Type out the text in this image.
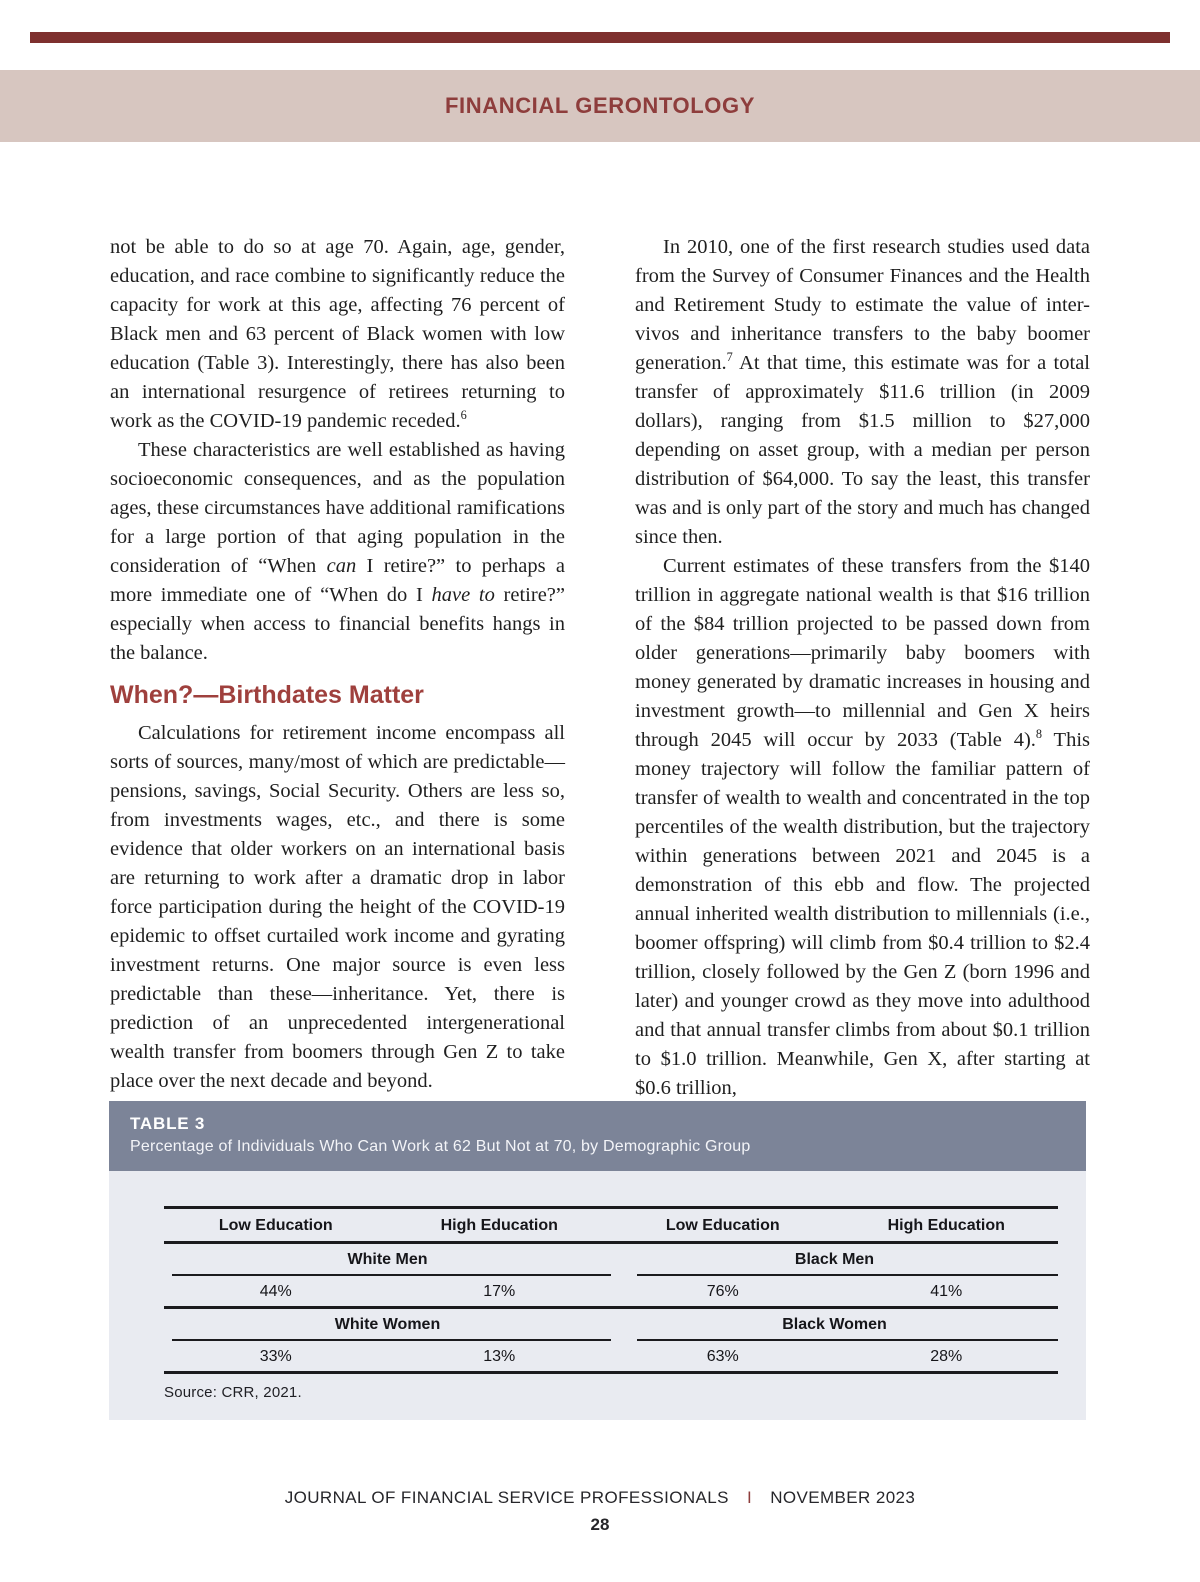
FINANCIAL GERONTOLOGY

not be able to do so at age 70. Again, age, gender, education, and race combine to significantly reduce the capacity for work at this age, affecting 76 percent of Black men and 63 percent of Black women with low education (Table 3). Interestingly, there has also been an international resurgence of retirees returning to work as the COVID-19 pandemic receded.$^6$

These characteristics are well established as having socioeconomic consequences, and as the population ages, these circumstances have additional ramifications for a large portion of that aging population in the consideration of “When can I retire?” to perhaps a more immediate one of “When do I have to retire?” especially when access to financial benefits hangs in the balance.

When?—Birthdates Matter

Calculations for retirement income encompass all sorts of sources, many/most of which are predictable—pensions, savings, Social Security. Others are less so, from investments wages, etc., and there is some evidence that older workers on an international basis are returning to work after a dramatic drop in labor force participation during the height of the COVID-19 epidemic to offset curtailed work income and gyrating investment returns. One major source is even less predictable than these—inheritance. Yet, there is prediction of an unprecedented intergenerational wealth transfer from boomers through Gen Z to take place over the next decade and beyond.

In 2010, one of the first research studies used data from the Survey of Consumer Finances and the Health and Retirement Study to estimate the value of inter-vivos and inheritance transfers to the baby boomer generation.$^7$ At that time, this estimate was for a total transfer of approximately $11.6 trillion (in 2009 dollars), ranging from $1.5 million to $27,000 depending on asset group, with a median per person distribution of $64,000. To say the least, this transfer was and is only part of the story and much has changed since then.

Current estimates of these transfers from the $140 trillion in aggregate national wealth is that $16 trillion of the $84 trillion projected to be passed down from older generations—primarily baby boomers with money generated by dramatic increases in housing and investment growth—to millennial and Gen X heirs through 2045 will occur by 2033 (Table 4).$^8$ This money trajectory will follow the familiar pattern of transfer of wealth to wealth and concentrated in the top percentiles of the wealth distribution, but the trajectory within generations between 2021 and 2045 is a demonstration of this ebb and flow. The projected annual inherited wealth distribution to millennials (i.e., boomer offspring) will climb from $0.4 trillion to $2.4 trillion, closely followed by the Gen Z (born 1996 and later) and younger crowd as they move into adulthood and that annual transfer climbs from about $0.1 trillion to $1.0 trillion. Meanwhile, Gen X, after starting at $0.6 trillion,

TABLE 3
Percentage of Individuals Who Can Work at 62 But Not at 70, by Demographic Group
Low Education	High Education	Low Education	High Education
White Men	Black Men
44%	17%	76%	41%
White Women	Black Women
33%	13%	63%	28%
Source: CRR, 2021.
JOURNAL OF FINANCIAL SERVICE PROFESSIONALS I NOVEMBER 2023
28
